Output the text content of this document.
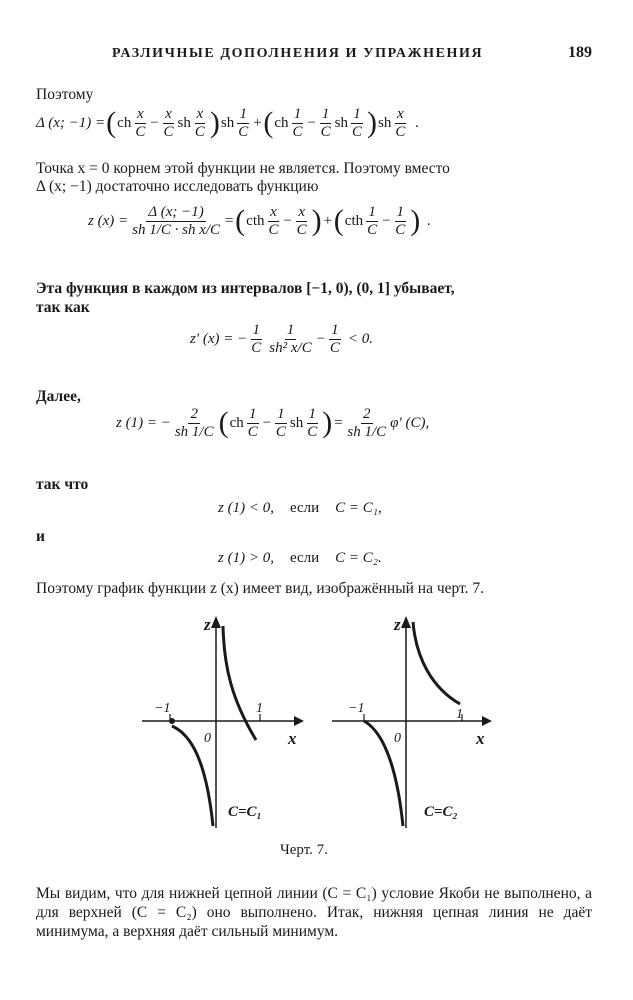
РАЗЛИЧНЫЕ ДОПОЛНЕНИЯ И УПРАЖНЕНИЯ	189
Поэтому
Δ (x; −1) = ( ch $\frac{x}{C} - \frac{x}{C}$ sh $\frac{x}{C}$ ) sh $\frac{1}{C}$ + ( ch $\frac{1}{C} - \frac{1}{C}$ sh $\frac{1}{C}$ ) sh $\frac{x}{C}$ .
Точка x = 0 корнем этой функции не является. Поэтому вместо
Δ (x; −1) достаточно исследовать функцию
z $(x) = \frac{\Delta (x; -1)}{\text{sh 1/C · sh x/C}}$ = ( cth $\frac{x}{C} - \frac{x}{C}$ ) + ( cth $\frac{1}{C} - \frac{1}{C}$ ) .
Эта функция в каждом из интервалов [−1, 0), (0, 1] убывает,
так как
z′ (x) = − $\frac{1}{C} \frac{1}{\text{sh² x/C}} - \frac{1}{C} < 0$.
Далее,
z (1) = − $\frac{2}{sh 1/C}$ ( ch $\frac{1}{C} - \frac{1}{C}$ sh $\frac{1}{C}$ ) = $\frac{2}{sh 1/C} \varphi'$ (C),
так что
z (1) < 0, если C = C₁,
и
z (1) > 0, если C = C₂.
Поэтому график функции z (x) имеет вид, изображённый на черт. 7.
z
x
−1	1
0
C=C₁
z
x
−1	1
0
C=C₂
Черт. 7.
Мы видим, что для нижней цепной линии (C = C₁) условие Якоби не выполнено, а для верхней (C = C₂) оно выполнено. Итак, нижняя цепная линия не даёт минимума, а верхняя даёт сильный минимум.
